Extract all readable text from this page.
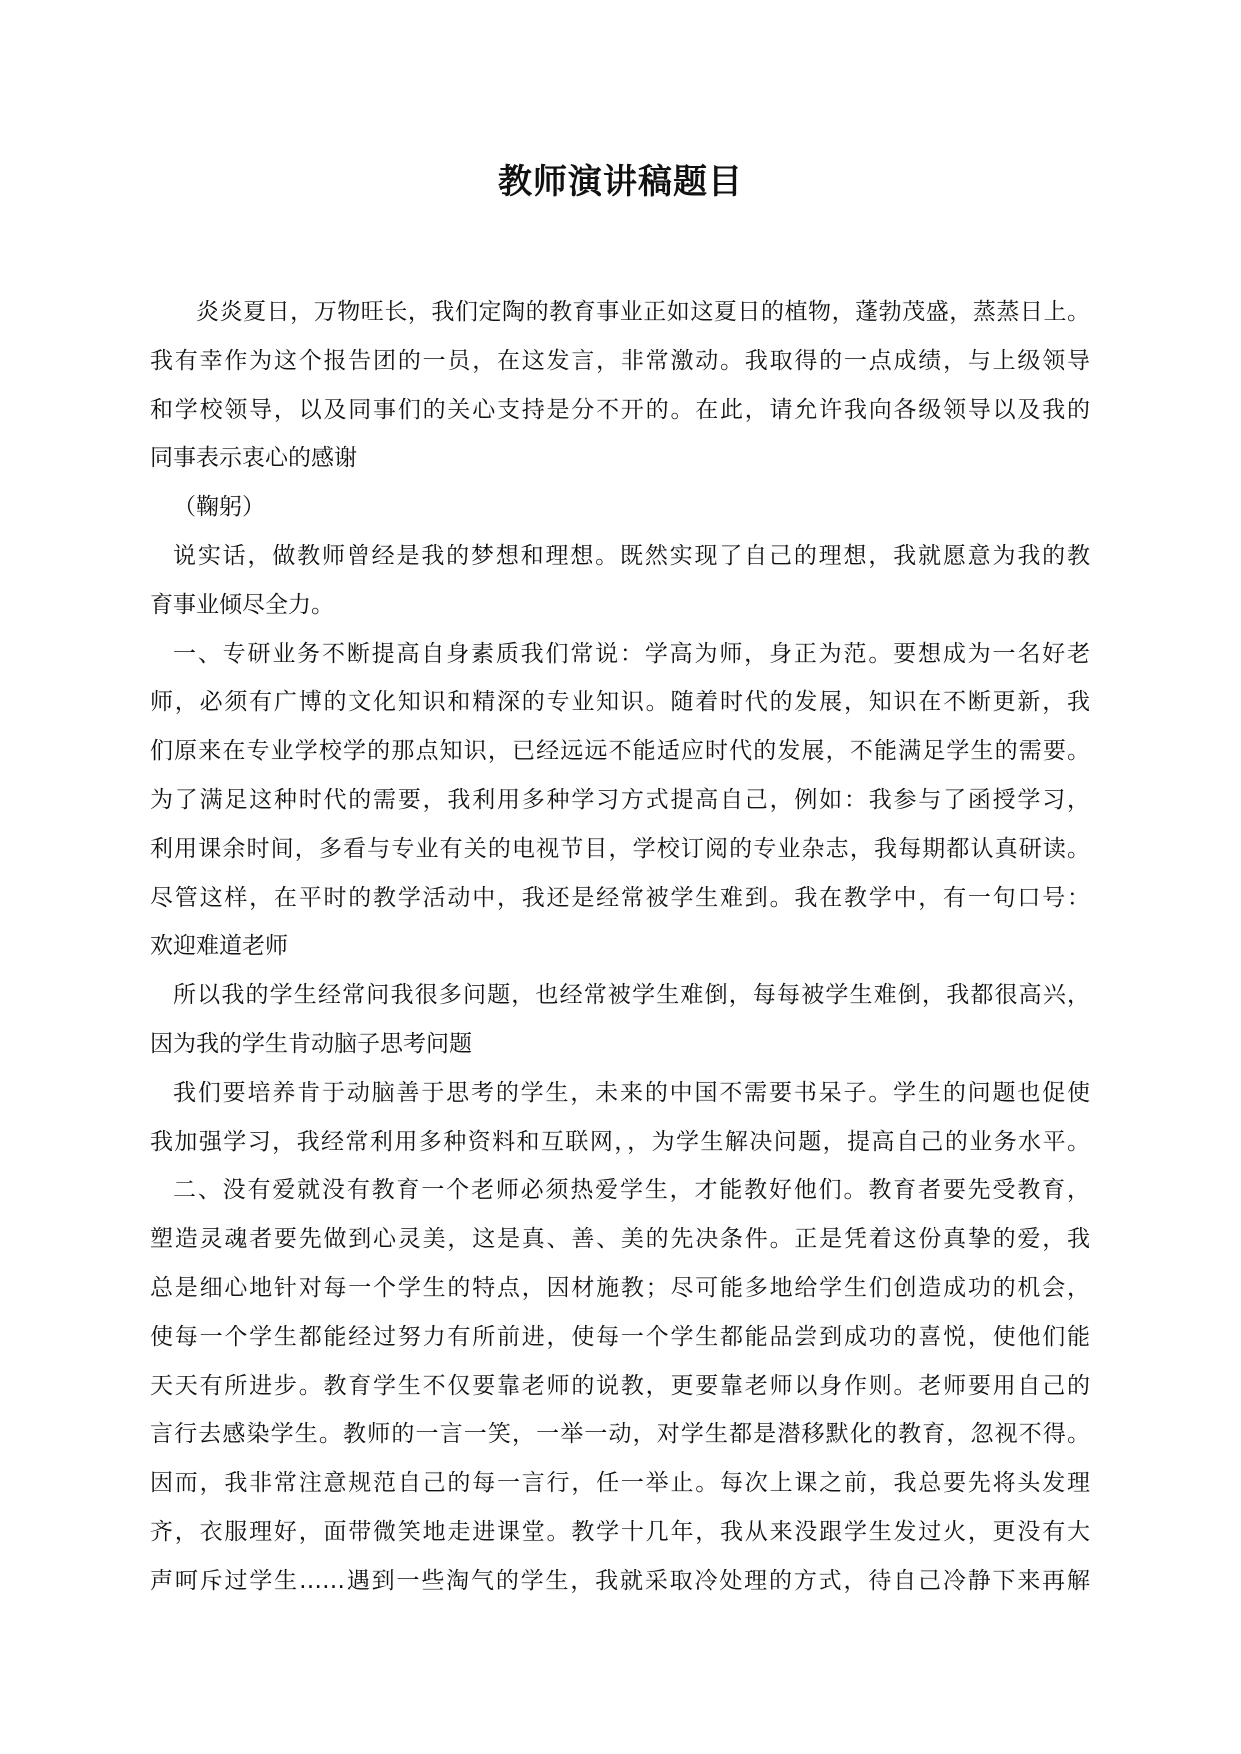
教师演讲稿题目
炎炎夏日，万物旺长，我们定陶的教育事业正如这夏日的植物，蓬勃茂盛，蒸蒸日上。
我有幸作为这个报告团的一员，在这发言，非常激动。我取得的一点成绩，与上级领导
和学校领导，以及同事们的关心支持是分不开的。在此，请允许我向各级领导以及我的
同事表示衷心的感谢
（鞠躬）
说实话，做教师曾经是我的梦想和理想。既然实现了自己的理想，我就愿意为我的教
育事业倾尽全力。
一、专研业务不断提高自身素质我们常说：学高为师，身正为范。要想成为一名好老
师，必须有广博的文化知识和精深的专业知识。随着时代的发展，知识在不断更新，我
们原来在专业学校学的那点知识，已经远远不能适应时代的发展，不能满足学生的需要。
为了满足这种时代的需要，我利用多种学习方式提高自己，例如：我参与了函授学习，
利用课余时间，多看与专业有关的电视节目，学校订阅的专业杂志，我每期都认真研读。
尽管这样，在平时的教学活动中，我还是经常被学生难到。我在教学中，有一句口号：
欢迎难道老师
所以我的学生经常问我很多问题，也经常被学生难倒，每每被学生难倒，我都很高兴，
因为我的学生肯动脑子思考问题
我们要培养肯于动脑善于思考的学生，未来的中国不需要书呆子。学生的问题也促使
我加强学习，我经常利用多种资料和互联网，，为学生解决问题，提高自己的业务水平。
二、没有爱就没有教育一个老师必须热爱学生，才能教好他们。教育者要先受教育，
塑造灵魂者要先做到心灵美，这是真、善、美的先决条件。正是凭着这份真挚的爱，我
总是细心地针对每一个学生的特点，因材施教；尽可能多地给学生们创造成功的机会，
使每一个学生都能经过努力有所前进，使每一个学生都能品尝到成功的喜悦，使他们能
天天有所进步。教育学生不仅要靠老师的说教，更要靠老师以身作则。老师要用自己的
言行去感染学生。教师的一言一笑，一举一动，对学生都是潜移默化的教育，忽视不得。
因而，我非常注意规范自己的每一言行，任一举止。每次上课之前，我总要先将头发理
齐，衣服理好，面带微笑地走进课堂。教学十几年，我从来没跟学生发过火，更没有大
声呵斥过学生……遇到一些淘气的学生，我就采取冷处理的方式，待自己冷静下来再解
